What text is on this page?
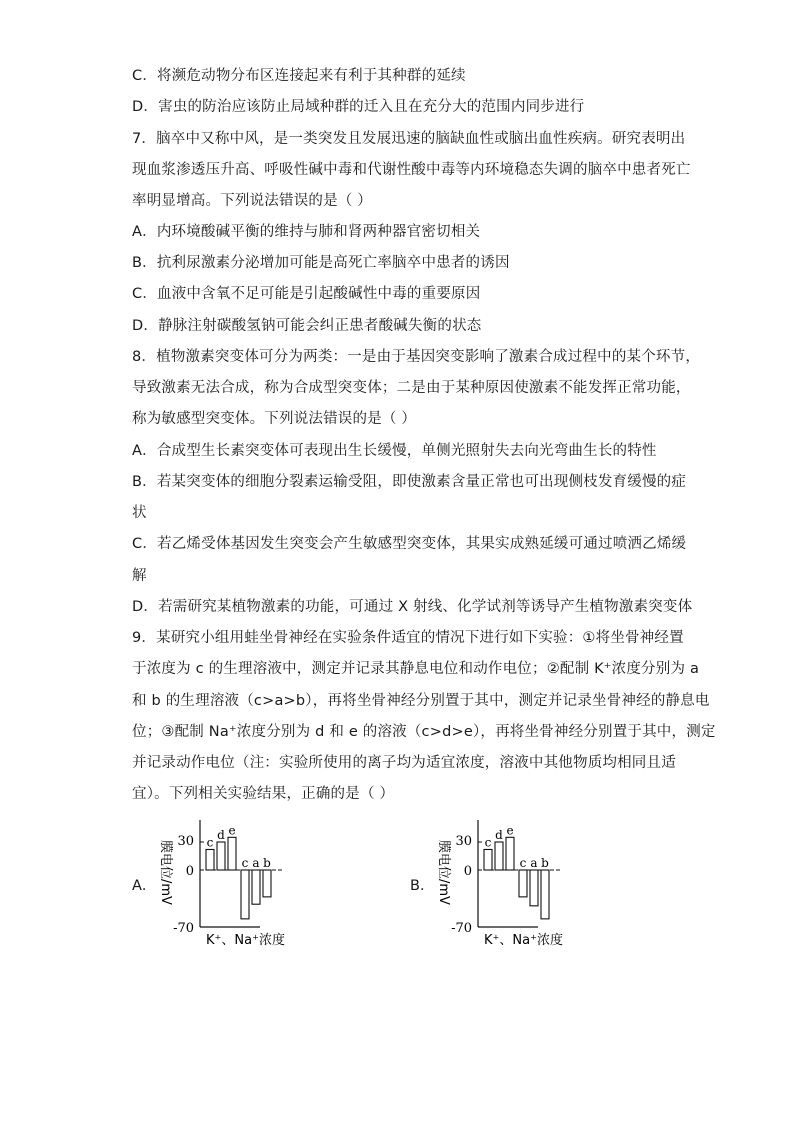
C．将濒危动物分布区连接起来有利于其种群的延续
D．害虫的防治应该防止局域种群的迁入且在充分大的范围内同步进行
7．脑卒中又称中风，是一类突发且发展迅速的脑缺血性或脑出血性疾病。研究表明出
现血浆渗透压升高、呼吸性碱中毒和代谢性酸中毒等内环境稳态失调的脑卒中患者死亡
率明显增高。下列说法错误的是（ ）
A．内环境酸碱平衡的维持与肺和肾两种器官密切相关
B．抗利尿激素分泌增加可能是高死亡率脑卒中患者的诱因
C．血液中含氧不足可能是引起酸碱性中毒的重要原因
D．静脉注射碳酸氢钠可能会纠正患者酸碱失衡的状态
8．植物激素突变体可分为两类：一是由于基因突变影响了激素合成过程中的某个环节，
导致激素无法合成，称为合成型突变体；二是由于某种原因使激素不能发挥正常功能，
称为敏感型突变体。下列说法错误的是（ ）
A．合成型生长素突变体可表现出生长缓慢，单侧光照射失去向光弯曲生长的特性
B．若某突变体的细胞分裂素运输受阻，即使激素含量正常也可出现侧枝发育缓慢的症
状
C．若乙烯受体基因发生突变会产生敏感型突变体，其果实成熟延缓可通过喷洒乙烯缓
解
D．若需研究某植物激素的功能，可通过 X 射线、化学试剂等诱导产生植物激素突变体
9．某研究小组用蛙坐骨神经在实验条件适宜的情况下进行如下实验：①将坐骨神经置
于浓度为 c 的生理溶液中，测定并记录其静息电位和动作电位；②配制 K⁺浓度分别为 a
和 b 的生理溶液（c>a>b），再将坐骨神经分别置于其中，测定并记录坐骨神经的静息电
位；③配制 Na⁺浓度分别为 d 和 e 的溶液（c>d>e），再将坐骨神经分别置于其中，测定
并记录动作电位（注：实验所使用的离子均为适宜浓度，溶液中其他物质均相同且适
宜）。下列相关实验结果，正确的是（ ）
A． 膜电位/mV 30
0
-70
c
d e
c a b
K⁺、Na⁺浓度
B． 膜电位/mV 30
0
-70
c
d e
c a b
K⁺、Na⁺浓度
